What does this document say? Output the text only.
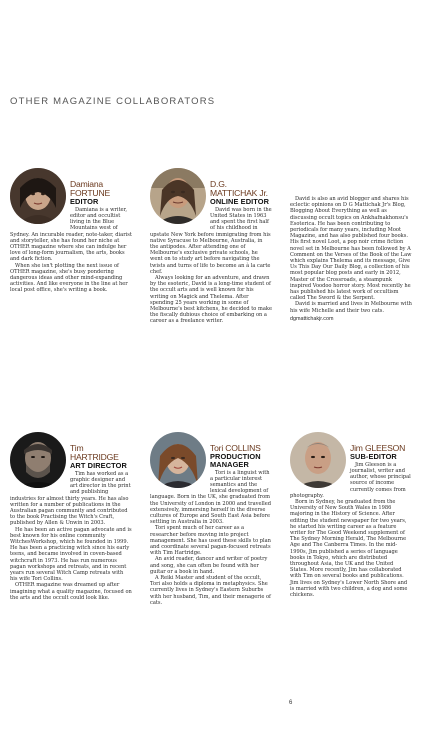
OTHER MAGAZINE COLLABORATORS
Damiana FORTUNE
EDITOR

Damiana is a writer, editor and occultist living in the Blue Mountains west of Sydney. An incurable reader, note-taker, diarist and storyteller, she has found her niche at OTHER magazine where she can indulge her love of long-form journalism, the arts, books and dark fiction.

When she isn't plotting the next issue of OTHER magazine, she's busy pondering dangerous ideas and other mind-expanding activities. And like everyone in the line at her local post office, she's writing a book.

D.G. MATTICHAK Jr.
ONLINE EDITOR

David was born in the United States in 1963 and spent the first half of his childhood in upstate New York before immigrating from his native Syracuse to Melbourne, Australia, in the antipodes. After attending one of Melbourne's exclusive private schools, he went on to study art before navigating the twists and turns of life to become an à la carte chef.

Always looking for an adventure, and drawn by the esoteric, David is a long-time student of the occult arts and is well known for his writing on Magick and Thelema. After spending 25 years working in some of Melbourne's best kitchens, he decided to make the fiscally dubious choice of embarking on a career as a freelance writer.

David is also an avid blogger and shares his eclectic opinions on D G Mattichak Jr's Blog, Blogging About Everything as well as discussing occult topics on Ankhafnakhonsu's Esoterica. He has been contributing to periodicals for many years, including Moot Magazine, and has also published four books. His first novel Loot, a pop noir crime fiction novel set in Melbourne has been followed by A Comment on the Verses of the Book of the Law which explains Thelema and its message, Give Us This Day Our Daily Blog, a collection of his most popular blog posts and early in 2012, Master of the Crossroads, a steampunk inspired Voodoo horror story. Most recently he has published his latest work of occultism called The Sword & the Serpent.

David is married and lives in Melbourne with his wife Michelle and their two cats.

dgmattichakjr.com
Tim HARTRIDGE
ART DIRECTOR

Tim has worked as a graphic designer and art director in the print and publishing industries for almost thirty years. He has also written for a number of publications in the Australian pagan community and contributed to the book Practising the Witch's Craft, published by Allen & Unwin in 2003.

He has been an active pagan advocate and is best known for his online community WitchesWorkshop, which he founded in 1999. He has been a practicing witch since his early teens, and became involved in coven-based witchcraft in 1973. He has run numerous pagan workshops and retreats, and in recent years run several Witch Camp retreats with his wife Tori Collins.

OTHER magazine was dreamed up after imagining what a quality magazine, focused on the arts and the occult could look like.

Tori COLLINS
PRODUCTION MANAGER

Tori is a linguist with a particular interest semantics and the lexical development of language. Born in the UK, she graduated from the University of London in 2000 and travelled extensively, immersing herself in the diverse cultures of Europe and South East Asia before settling in Australia in 2003.

Tori spent much of her career as a researcher before moving into project management. She has used these skills to plan and coordinate several pagan-focused retreats with Tim Hartridge.

An avid reader, dancer and writer of poetry and song, she can often be found with her guitar or a book in hand.

A Reiki Master and student of the occult, Tori also holds a diploma in metaphysics. She currently lives in Sydney's Eastern Suburbs with her husband, Tim, and their menagerie of cats.

Jim GLEESON
SUB-EDITOR

Jim Gleeson is a journalist, writer and author, whose principal source of income currently comes from photography.

Born in Sydney, he graduated from the University of New South Wales in 1986 majoring in the History of Science. After editing the student newspaper for two years, he started his writing career as a feature writer for The Good Weekend supplement of The Sydney Morning Herald, The Melbourne Age and The Canberra Times. In the mid-1990s, Jim published a series of language books in Tokyo, which are distributed throughout Asia, the UK and the United States. More recently, Jim has collaborated with Tim on several books and publications. Jim lives on Sydney's Lower North Shore and is married with two children, a dog and some chickens.

6
